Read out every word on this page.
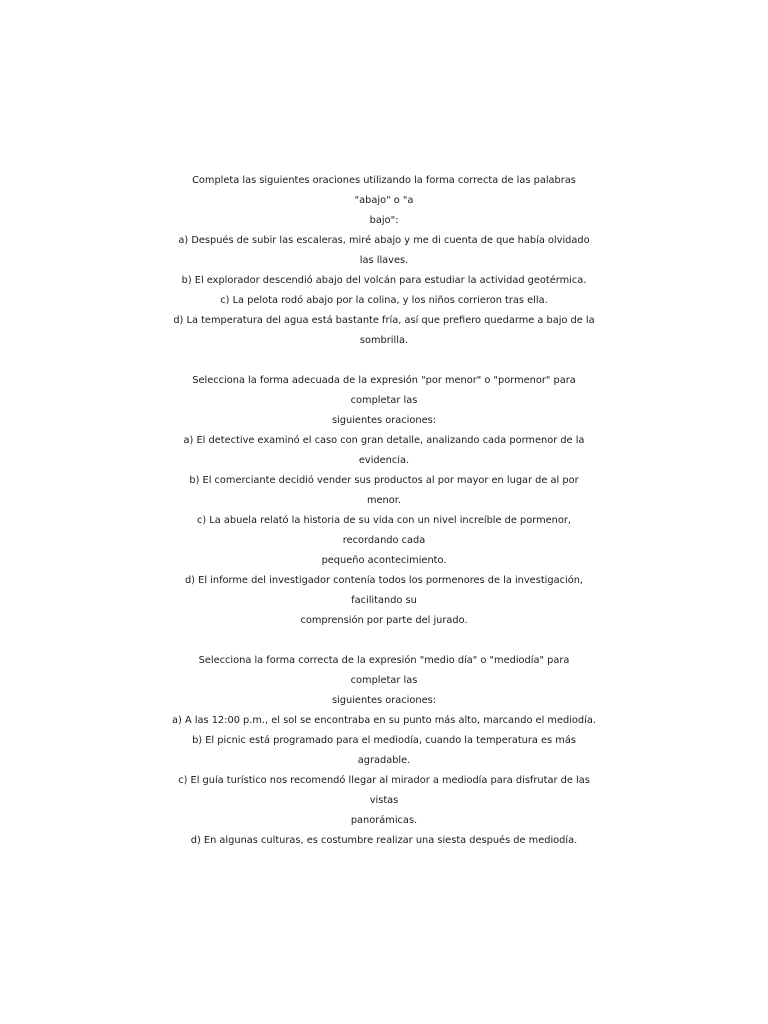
Completa las siguientes oraciones utilizando la forma correcta de las palabras
"abajo" o "a
bajo":
a) Después de subir las escaleras, miré abajo y me di cuenta de que había olvidado
las llaves.
b) El explorador descendió abajo del volcán para estudiar la actividad geotérmica.
c) La pelota rodó abajo por la colina, y los niños corrieron tras ella.
d) La temperatura del agua está bastante fría, así que prefiero quedarme a bajo de la
sombrilla.
Selecciona la forma adecuada de la expresión "por menor" o "pormenor" para
completar las
siguientes oraciones:
a) El detective examinó el caso con gran detalle, analizando cada pormenor de la
evidencia.
b) El comerciante decidió vender sus productos al por mayor en lugar de al por
menor.
c) La abuela relató la historia de su vida con un nivel increíble de pormenor,
recordando cada
pequeño acontecimiento.
d) El informe del investigador contenía todos los pormenores de la investigación,
facilitando su
comprensión por parte del jurado.
Selecciona la forma correcta de la expresión "medio día" o "mediodía" para
completar las
siguientes oraciones:
a) A las 12:00 p.m., el sol se encontraba en su punto más alto, marcando el mediodía.
b) El picnic está programado para el mediodía, cuando la temperatura es más
agradable.
c) El guía turístico nos recomendó llegar al mirador a mediodía para disfrutar de las
vistas
panorámicas.
d) En algunas culturas, es costumbre realizar una siesta después de mediodía.
